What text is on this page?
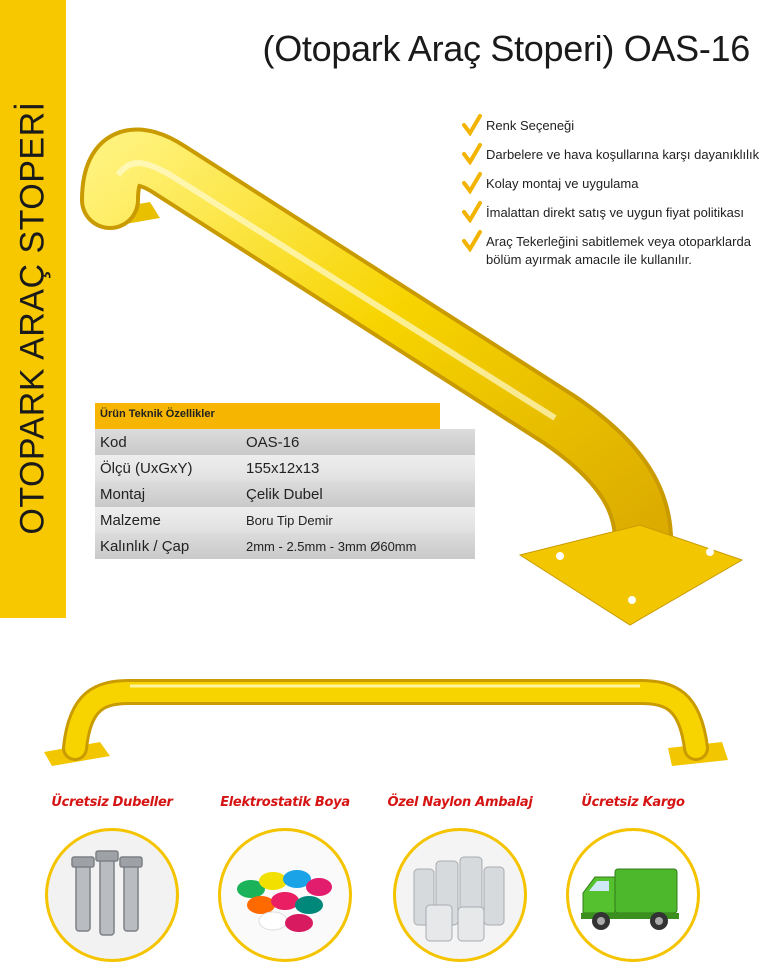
OTOPARK ARAÇ STOPERİ
(Otopark Araç Stoperi) OAS-16
Renk Seçeneği
Darbelere ve hava koşullarına karşı dayanıklılık
Kolay montaj ve uygulama
İmalattan direkt satış ve uygun fiyat politikası
Araç Tekerleğini sabitlemek veya otoparklarda bölüm ayırmak amacıle ile kullanılır.
Ürün Teknik Özellikler
Kod	OAS-16
Ölçü (UxGxY)	155x12x13
Montaj	Çelik Dubel
Malzeme	Boru Tip Demir
Kalınlık / Çap	2mm - 2.5mm - 3mm Ø60mm
Ücretsiz Dubeller	Elektrostatik Boya	Özel Naylon Ambalaj	Ücretsiz Kargo
